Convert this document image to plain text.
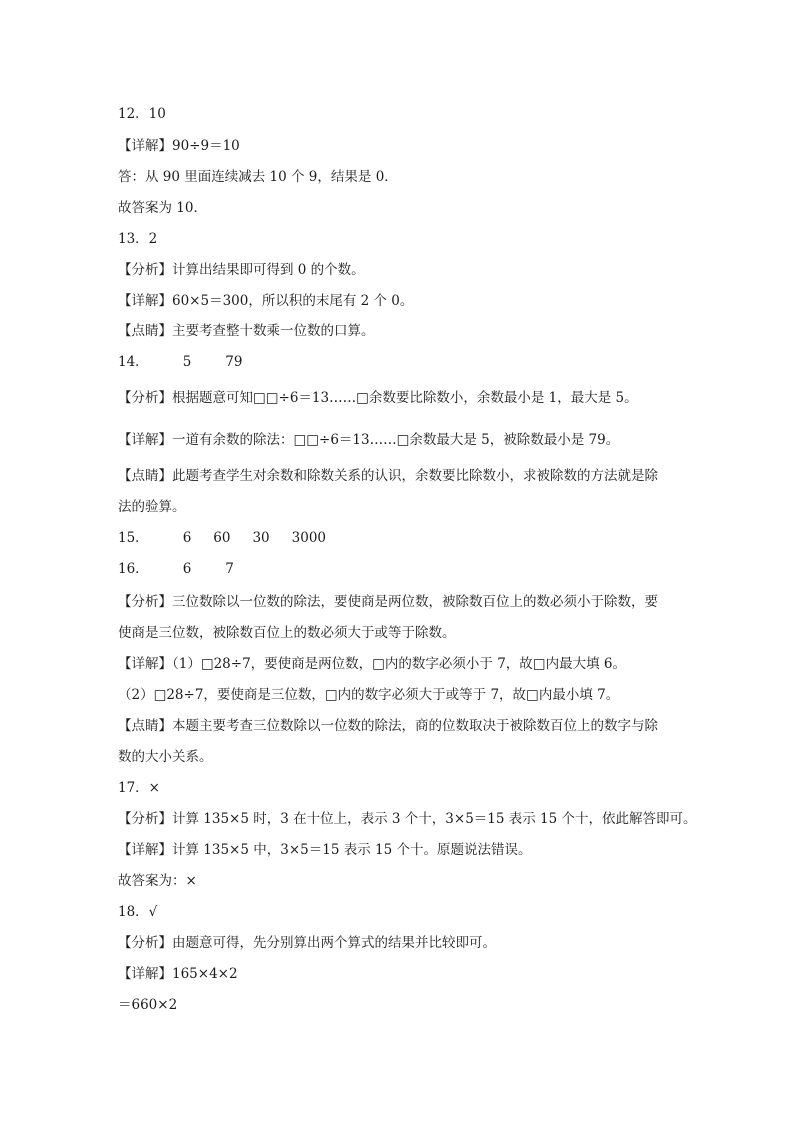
12．10

【详解】90÷9＝10

答：从 90 里面连续减去 10 个 9，结果是 0．

故答案为 10．

13．2

【分析】计算出结果即可得到 0 的个数。

【详解】60×5＝300，所以积的末尾有 2 个 0。

【点睛】主要考查整十数乘一位数的口算。

14．	5	79

【分析】根据题意可知□□÷6＝13……□余数要比除数小，余数最小是 1，最大是 5。

【详解】一道有余数的除法：□□÷6＝13……□余数最大是 5，被除数最小是 79。

【点睛】此题考查学生对余数和除数关系的认识，余数要比除数小，求被除数的方法就是除

法的验算。

15．	6 60 30 3000

16．	6	7

【分析】三位数除以一位数的除法，要使商是两位数，被除数百位上的数必须小于除数，要

使商是三位数，被除数百位上的数必须大于或等于除数。

【详解】（1）□28÷7，要使商是两位数，□内的数字必须小于 7，故□内最大填 6。

（2）□28÷7，要使商是三位数，□内的数字必须大于或等于 7，故□内最小填 7。

【点睛】本题主要考查三位数除以一位数的除法，商的位数取决于被除数百位上的数字与除

数的大小关系。

17．×

【分析】计算 135×5 时，3 在十位上，表示 3 个十，3×5＝15 表示 15 个十，依此解答即可。

【详解】计算 135×5 中，3×5＝15 表示 15 个十。原题说法错误。

故答案为：×

18．√

【分析】由题意可得，先分别算出两个算式的结果并比较即可。

【详解】165×4×2

＝660×2
